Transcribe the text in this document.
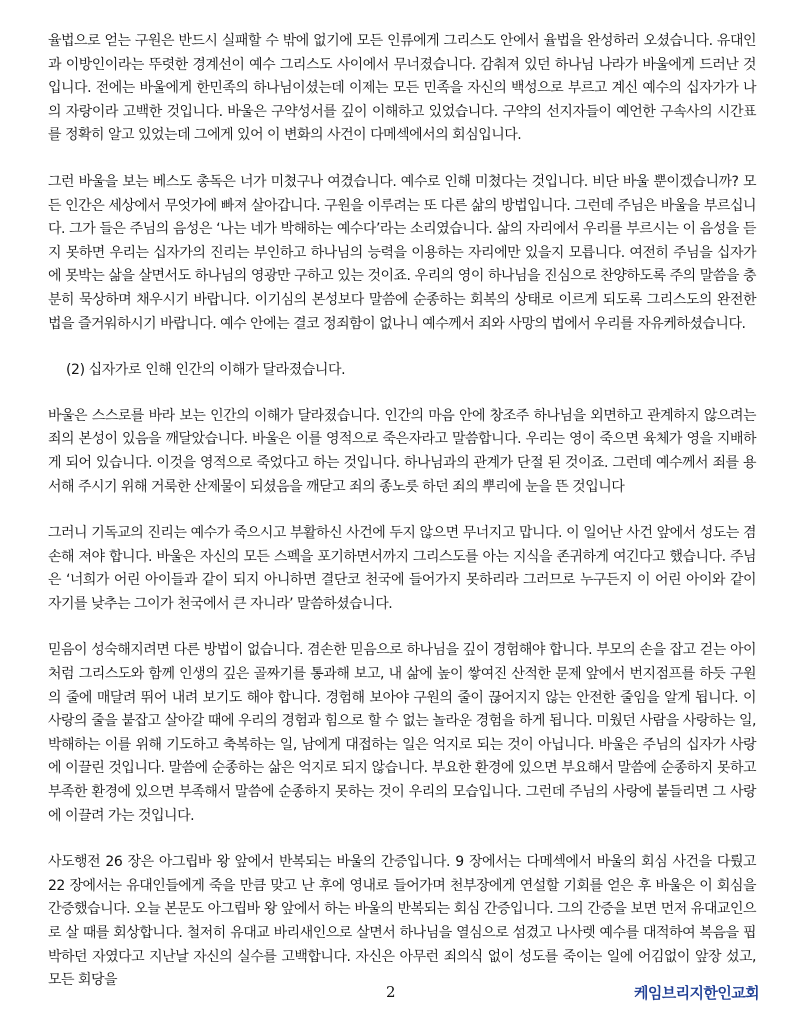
율법으로 얻는 구원은 반드시 실패할 수 밖에 없기에 모든 인류에게 그리스도 안에서 율법을 완성하러 오셨습니다. 유대인과 이방인이라는 뚜렷한 경계선이 예수 그리스도 사이에서 무너졌습니다. 감춰져 있던 하나님 나라가 바울에게 드러난 것입니다. 전에는 바울에게 한민족의 하나님이셨는데 이제는 모든 민족을 자신의 백성으로 부르고 계신 예수의 십자가가 나의 자랑이라 고백한 것입니다. 바울은 구약성서를 깊이 이해하고 있었습니다. 구약의 선지자들이 예언한 구속사의 시간표를 정확히 알고 있었는데 그에게 있어 이 변화의 사건이 다메섹에서의 회심입니다.

그런 바울을 보는 베스도 총독은 너가 미쳤구나 여겼습니다. 예수로 인해 미쳤다는 것입니다. 비단 바울 뿐이겠습니까? 모든 인간은 세상에서 무엇가에 빠져 살아갑니다. 구원을 이루려는 또 다른 삶의 방법입니다. 그런데 주님은 바울을 부르십니다. 그가 들은 주님의 음성은 ‘나는 네가 박해하는 예수다’라는 소리였습니다. 삶의 자리에서 우리를 부르시는 이 음성을 듣지 못하면 우리는 십자가의 진리는 부인하고 하나님의 능력을 이용하는 자리에만 있을지 모릅니다. 여전히 주님을 십자가에 못박는 삶을 살면서도 하나님의 영광만 구하고 있는 것이죠. 우리의 영이 하나님을 진심으로 찬양하도록 주의 말씀을 충분히 묵상하며 채우시기 바랍니다. 이기심의 본성보다 말씀에 순종하는 회복의 상태로 이르게 되도록 그리스도의 완전한 법을 즐거워하시기 바랍니다. 예수 안에는 결코 정죄함이 없나니 예수께서 죄와 사망의 법에서 우리를 자유케하셨습니다.

(2) 십자가로 인해 인간의 이해가 달라졌습니다.

바울은 스스로를 바라 보는 인간의 이해가 달라졌습니다. 인간의 마음 안에 창조주 하나님을 외면하고 관계하지 않으려는 죄의 본성이 있음을 깨달았습니다. 바울은 이를 영적으로 죽은자라고 말씀합니다. 우리는 영이 죽으면 육체가 영을 지배하게 되어 있습니다. 이것을 영적으로 죽었다고 하는 것입니다. 하나님과의 관계가 단절 된 것이죠. 그런데 예수께서 죄를 용서해 주시기 위해 거룩한 산제물이 되셨음을 깨닫고 죄의 종노릇 하던 죄의 뿌리에 눈을 뜬 것입니다

그러니 기독교의 진리는 예수가 죽으시고 부활하신 사건에 두지 않으면 무너지고 맙니다. 이 일어난 사건 앞에서 성도는 겸손해 져야 합니다. 바울은 자신의 모든 스펙을 포기하면서까지 그리스도를 아는 지식을 존귀하게 여긴다고 했습니다. 주님은 ‘너희가 어린 아이들과 같이 되지 아니하면 결단코 천국에 들어가지 못하리라 그러므로 누구든지 이 어린 아이와 같이 자기를 낮추는 그이가 천국에서 큰 자니라’ 말씀하셨습니다.

믿음이 성숙해지려면 다른 방법이 없습니다. 겸손한 믿음으로 하나님을 깊이 경험해야 합니다. 부모의 손을 잡고 걷는 아이처럼 그리스도와 함께 인생의 깊은 골짜기를 통과해 보고, 내 삶에 높이 쌓여진 산적한 문제 앞에서 번지점프를 하듯 구원의 줄에 매달려 뛰어 내려 보기도 해야 합니다. 경험해 보아야 구원의 줄이 끊어지지 않는 안전한 줄임을 알게 됩니다. 이 사랑의 줄을 붙잡고 살아갈 때에 우리의 경험과 힘으로 할 수 없는 놀라운 경험을 하게 됩니다. 미웠던 사람을 사랑하는 일, 박해하는 이를 위해 기도하고 축복하는 일, 남에게 대접하는 일은 억지로 되는 것이 아닙니다. 바울은 주님의 십자가 사랑에 이끌린 것입니다. 말씀에 순종하는 삶은 억지로 되지 않습니다. 부요한 환경에 있으면 부요해서 말씀에 순종하지 못하고 부족한 환경에 있으면 부족해서 말씀에 순종하지 못하는 것이 우리의 모습입니다. 그런데 주님의 사랑에 붙들리면 그 사랑에 이끌려 가는 것입니다.

사도행전 26 장은 아그립바 왕 앞에서 반복되는 바울의 간증입니다. 9 장에서는 다메섹에서 바울의 회심 사건을 다뤘고 22 장에서는 유대인들에게 죽을 만큼 맞고 난 후에 영내로 들어가며 천부장에게 연설할 기회를 얻은 후 바울은 이 회심을 간증했습니다. 오늘 본문도 아그립바 왕 앞에서 하는 바울의 반복되는 회심 간증입니다. 그의 간증을 보면 먼저 유대교인으로 살 때를 회상합니다. 철저히 유대교 바리새인으로 살면서 하나님을 열심으로 섬겼고 나사렛 예수를 대적하여 복음을 핍박하던 자였다고 지난날 자신의 실수를 고백합니다. 자신은 아무런 죄의식 없이 성도를 죽이는 일에 어김없이 앞장 섰고, 모든 회당을

2	케임브리지한인교회
